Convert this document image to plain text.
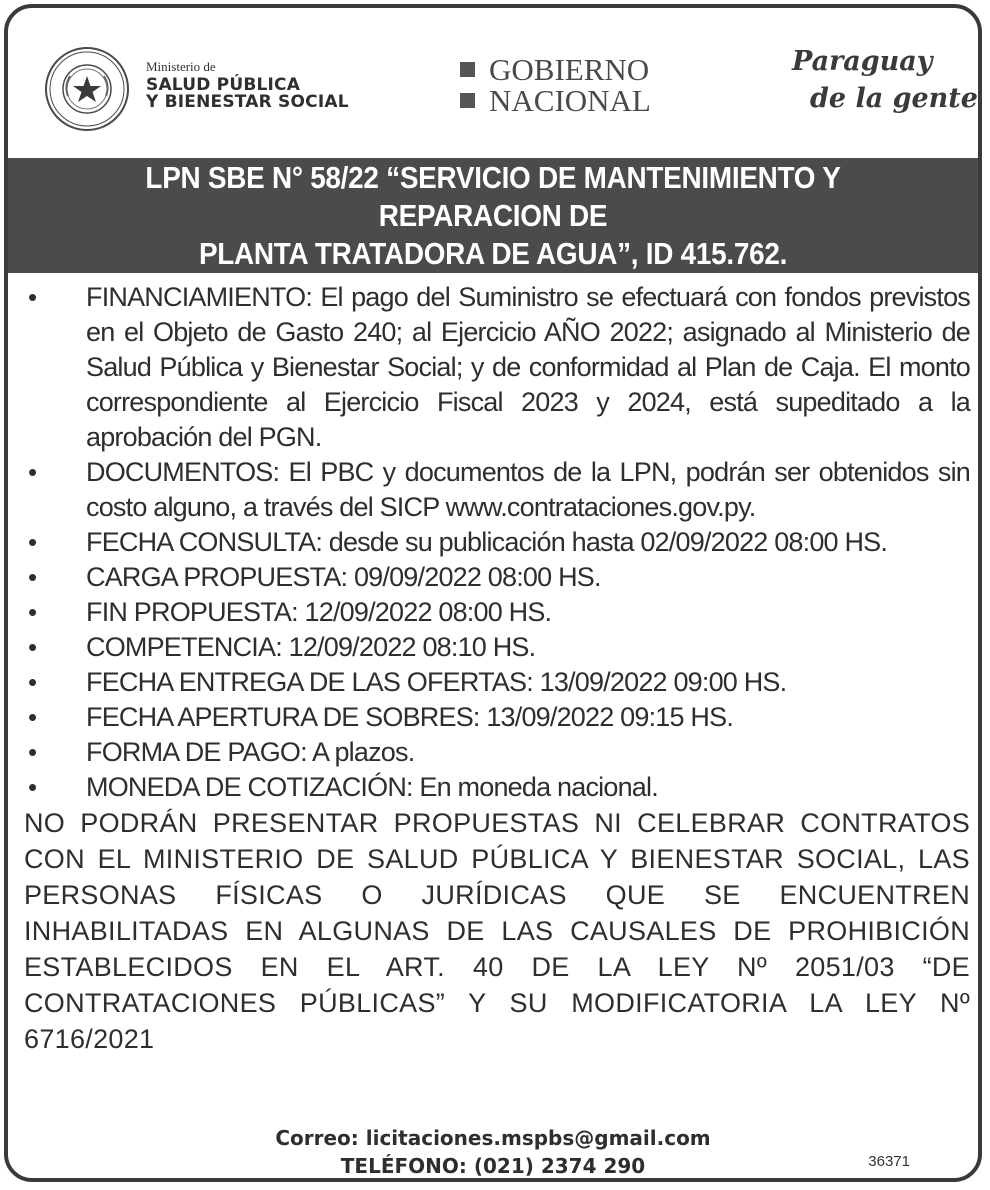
Ministerio de
SALUD PÚBLICA
Y BIENESTAR SOCIAL
GOBIERNO
NACIONAL
Paraguay
de la gente
LPN SBE N° 58/22 “SERVICIO DE MANTENIMIENTO Y REPARACION DE
PLANTA TRATADORA DE AGUA”, ID 415.762.
• FINANCIAMIENTO: El pago del Suministro se efectuará con fondos previstos en el Objeto de Gasto 240; al Ejercicio AÑO 2022; asignado al Ministerio de Salud Pública y Bienestar Social; y de conformidad al Plan de Caja. El monto correspondiente al Ejercicio Fiscal 2023 y 2024, está supeditado a la aprobación del PGN.
• DOCUMENTOS: El PBC y documentos de la LPN, podrán ser obtenidos sin costo alguno, a través del SICP www.contrataciones.gov.py.
• FECHA CONSULTA: desde su publicación hasta 02/09/2022 08:00 HS.
• CARGA PROPUESTA: 09/09/2022 08:00 HS.
• FIN PROPUESTA: 12/09/2022 08:00 HS.
• COMPETENCIA: 12/09/2022 08:10 HS.
• FECHA ENTREGA DE LAS OFERTAS: 13/09/2022 09:00 HS.
• FECHA APERTURA DE SOBRES: 13/09/2022 09:15 HS.
• FORMA DE PAGO: A plazos.
• MONEDA DE COTIZACIÓN: En moneda nacional.

NO PODRÁN PRESENTAR PROPUESTAS NI CELEBRAR CONTRATOS CON EL MINISTERIO DE SALUD PÚBLICA Y BIENESTAR SOCIAL, LAS PERSONAS FÍSICAS O JURÍDICAS QUE SE ENCUENTREN INHABILITADAS EN ALGUNAS DE LAS CAUSALES DE PROHIBICIÓN ESTABLECIDOS EN EL ART. 40 DE LA LEY Nº 2051/03 “DE CONTRATACIONES PÚBLICAS” Y SU MODIFICATORIA LA LEY Nº 6716/2021

Correo: licitaciones.mspbs@gmail.com
TELÉFONO: (021) 2374 290	36371
